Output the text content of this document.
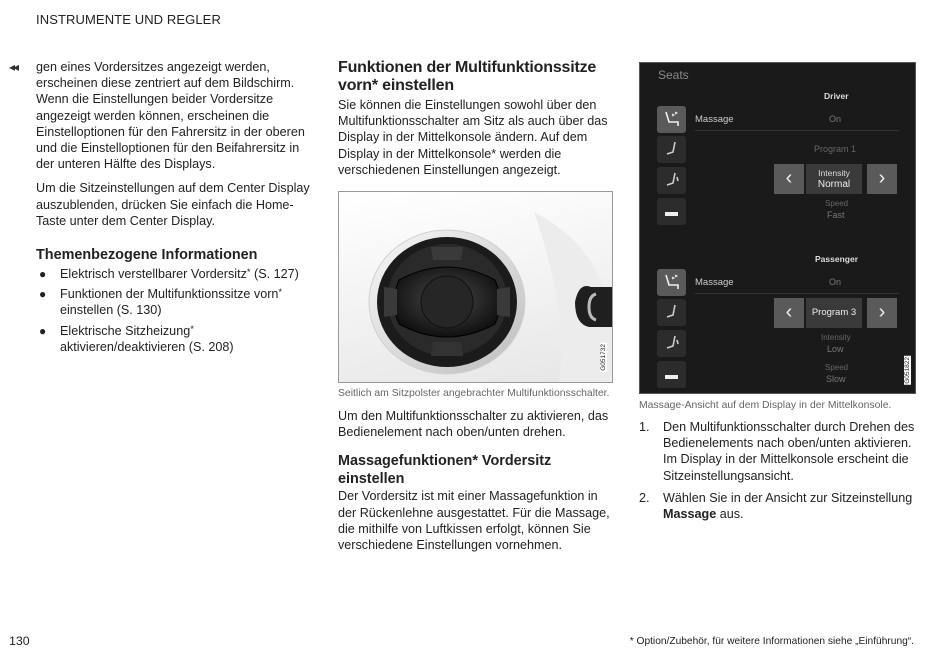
INSTRUMENTE UND REGLER
◂◂ gen eines Vordersitzes angezeigt werden, erscheinen diese zentriert auf dem Bildschirm. Wenn die Einstellungen beider Vordersitze angezeigt werden können, erscheinen die Einstelloptionen für den Fahrersitz in der oberen und die Einstelloptionen für den Beifahrersitz in der unteren Hälfte des Displays.

Um die Sitzeinstellungen auf dem Center Display auszublenden, drücken Sie einfach die Home-Taste unter dem Center Display.

Themenbezogene Informationen

● Elektrisch verstellbarer Vordersitz* (S. 127)
● Funktionen der Multifunktionssitze vorn* einstellen (S. 130)
● Elektrische Sitzheizung* aktivieren/deaktivieren (S. 208)

Funktionen der Multifunktionssitze vorn* einstellen

Sie können die Einstellungen sowohl über den Multifunktionsschalter am Sitz als auch über das Display in der Mittelkonsole ändern. Auf dem Display in der Mittelkonsole* werden die verschiedenen Einstellungen angezeigt.

G051732

Seitlich am Sitzpolster angebrachter Multifunktionsschalter.

Um den Multifunktionsschalter zu aktivieren, das Bedienelement nach oben/unten drehen.

Massagefunktionen* Vordersitz einstellen

Der Vordersitz ist mit einer Massagefunktion in der Rückenlehne ausgestattet. Für die Massage, die mithilfe von Luftkissen erfolgt, können Sie verschiedene Einstellungen vornehmen.

Seats
Driver
Massage	On
Program 1
‹	Intensity
Normal	›
Speed
Fast
Passenger
Massage	On
‹	Program 3	›
Intensity
Low
Speed
Slow	G051822

Massage-Ansicht auf dem Display in der Mittelkonsole.

1. Den Multifunktionsschalter durch Drehen des Bedienelements nach oben/unten aktivieren. Im Display in der Mittelkonsole erscheint die Sitzeinstellungsansicht.
2. Wählen Sie in der Ansicht zur Sitzeinstellung Massage aus.
130	* Option/Zubehör, für weitere Informationen siehe „Einführung“.
